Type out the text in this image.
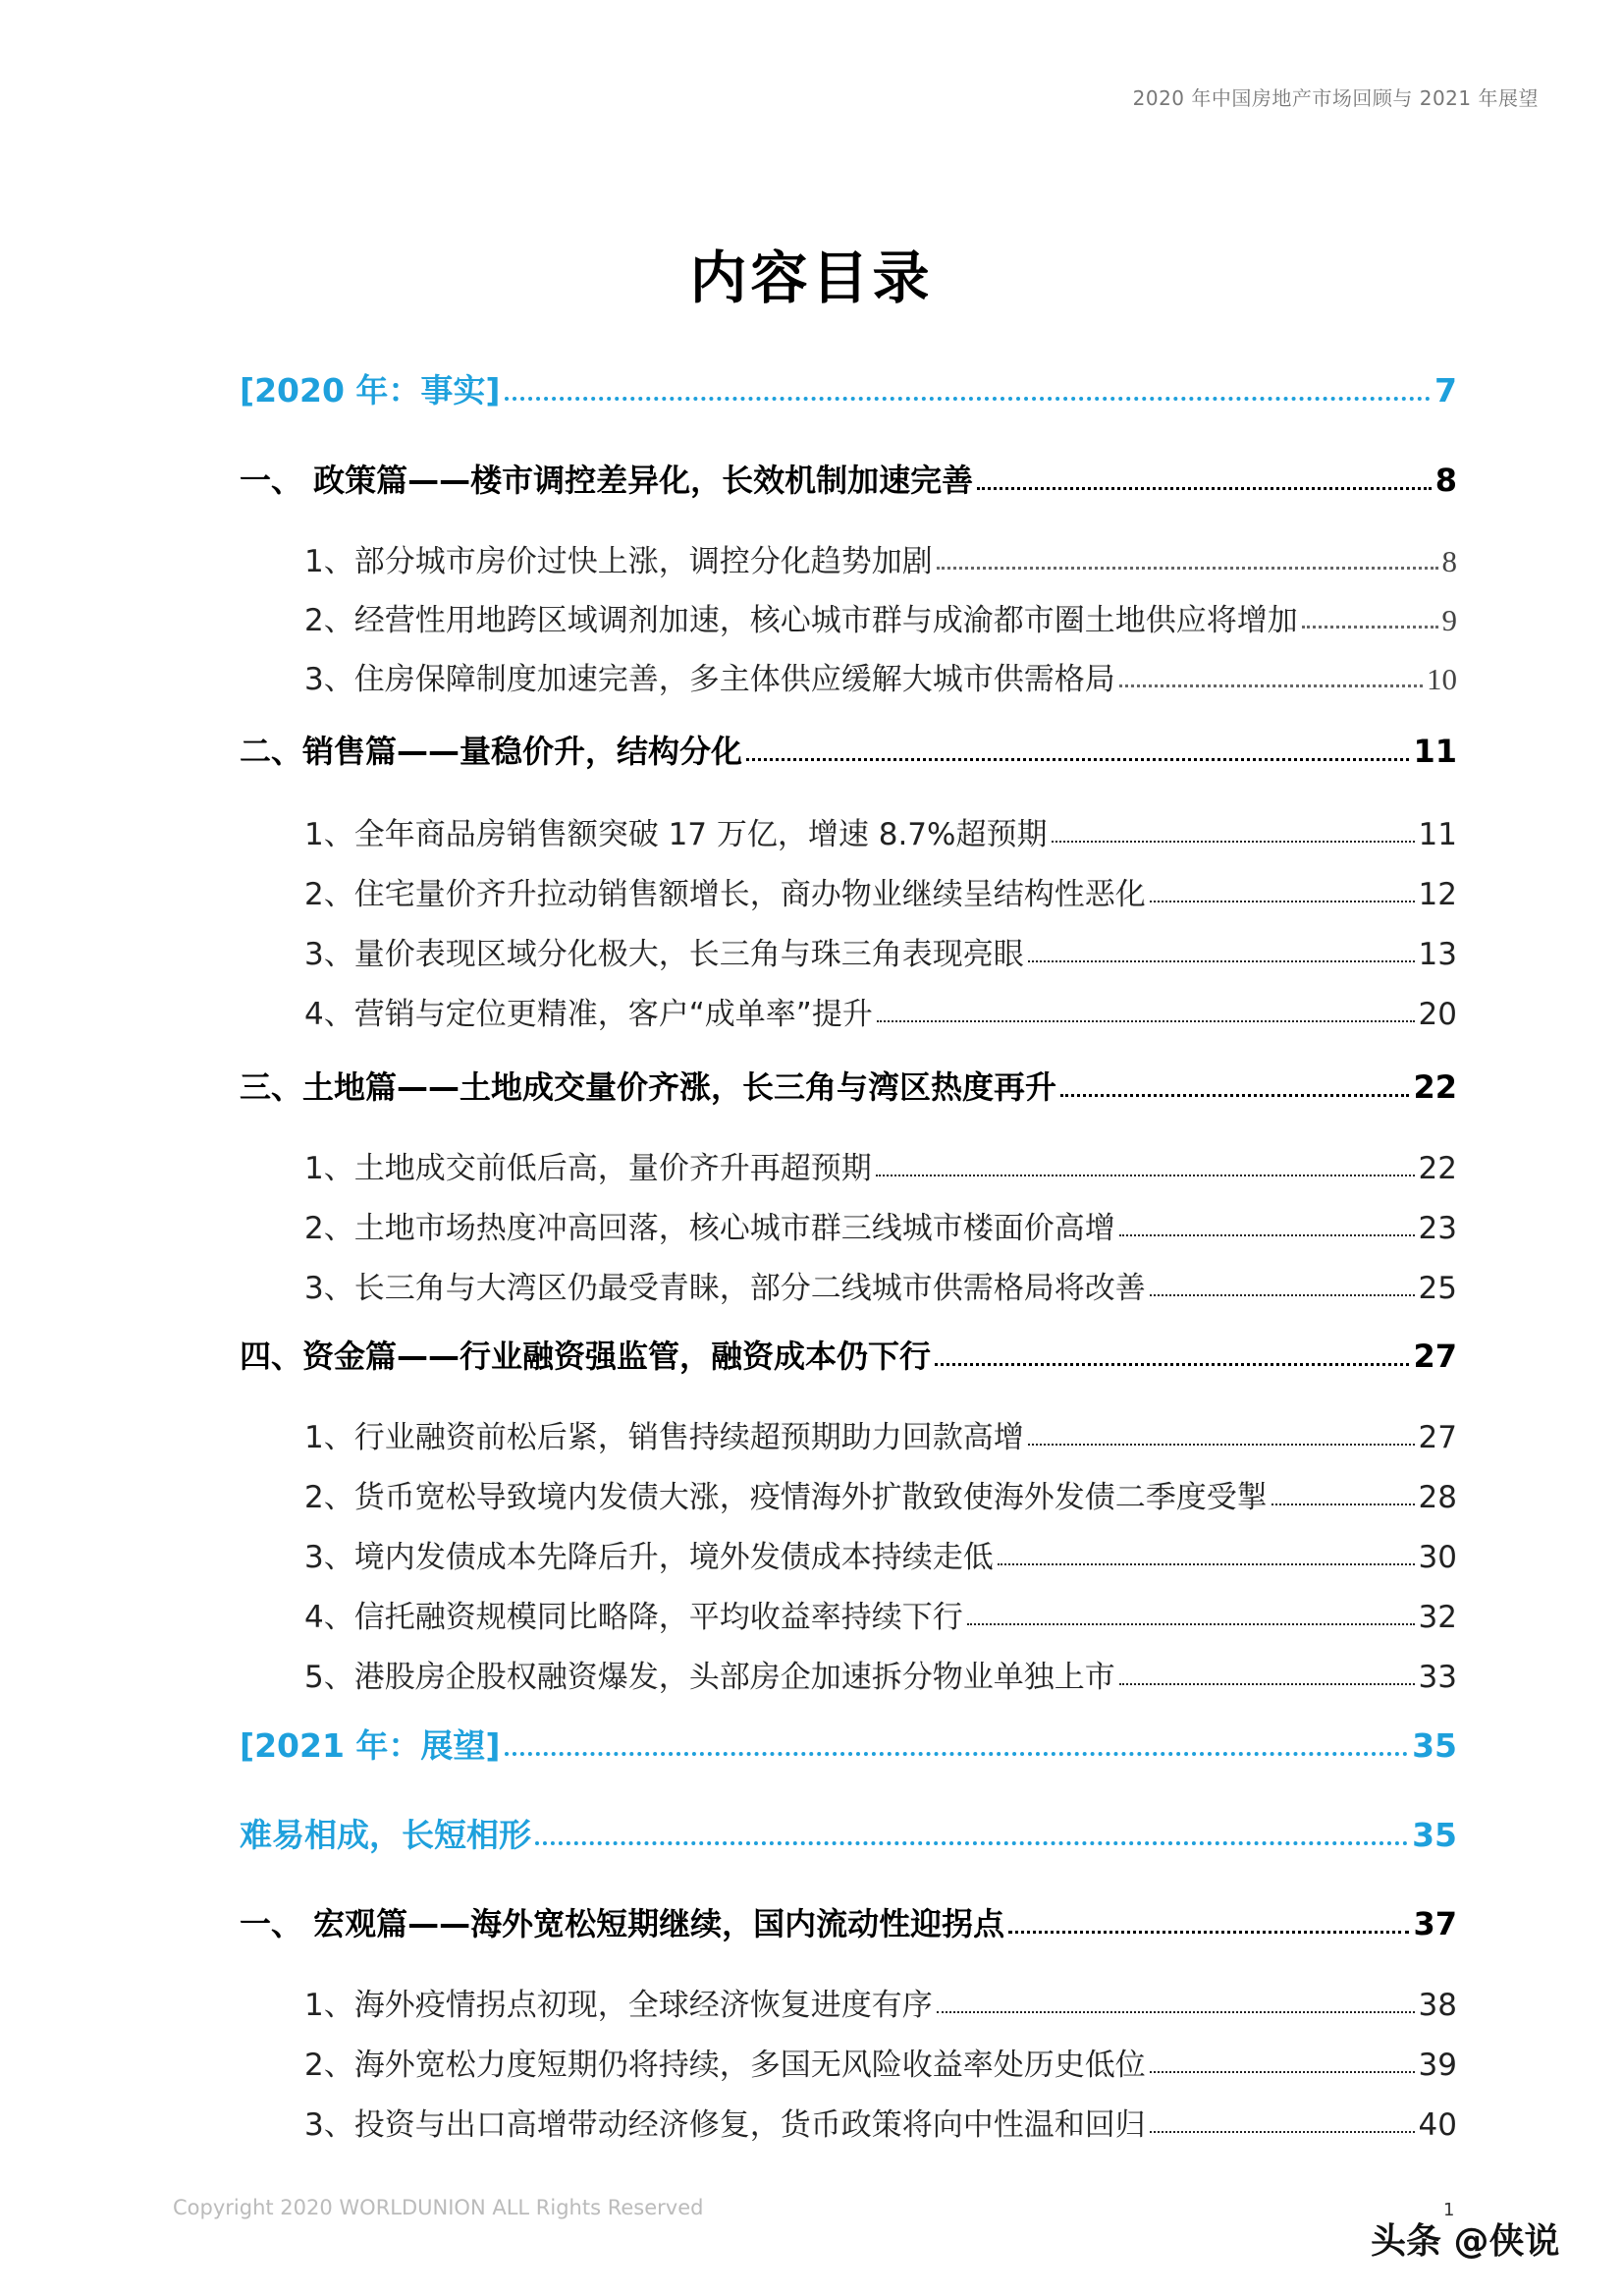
2020 年中国房地产市场回顾与 2021 年展望
内容目录
[2020 年：事实]	7
一、 政策篇——楼市调控差异化，长效机制加速完善	8
1、部分城市房价过快上涨，调控分化趋势加剧	8
2、经营性用地跨区域调剂加速，核心城市群与成渝都市圈土地供应将增加	9
3、住房保障制度加速完善，多主体供应缓解大城市供需格局	10
二、销售篇——量稳价升，结构分化	11
1、全年商品房销售额突破 17 万亿，增速 8.7%超预期	11
2、住宅量价齐升拉动销售额增长，商办物业继续呈结构性恶化	12
3、量价表现区域分化极大，长三角与珠三角表现亮眼	13
4、营销与定位更精准，客户“成单率”提升	20
三、土地篇——土地成交量价齐涨，长三角与湾区热度再升	22
1、土地成交前低后高，量价齐升再超预期	22
2、土地市场热度冲高回落，核心城市群三线城市楼面价高增	23
3、长三角与大湾区仍最受青睐，部分二线城市供需格局将改善	25
四、资金篇——行业融资强监管，融资成本仍下行	27
1、行业融资前松后紧，销售持续超预期助力回款高增	27
2、货币宽松导致境内发债大涨，疫情海外扩散致使海外发债二季度受掣	28
3、境内发债成本先降后升，境外发债成本持续走低	30
4、信托融资规模同比略降，平均收益率持续下行	32
5、港股房企股权融资爆发，头部房企加速拆分物业单独上市	33
[2021 年：展望]	35
难易相成，长短相形	35
一、 宏观篇——海外宽松短期继续，国内流动性迎拐点	37
1、海外疫情拐点初现，全球经济恢复进度有序	38
2、海外宽松力度短期仍将持续，多国无风险收益率处历史低位	39
3、投资与出口高增带动经济修复，货币政策将向中性温和回归	40
Copyright 2020 WORLDUNION ALL Rights Reserved	1
头条 @侠说
